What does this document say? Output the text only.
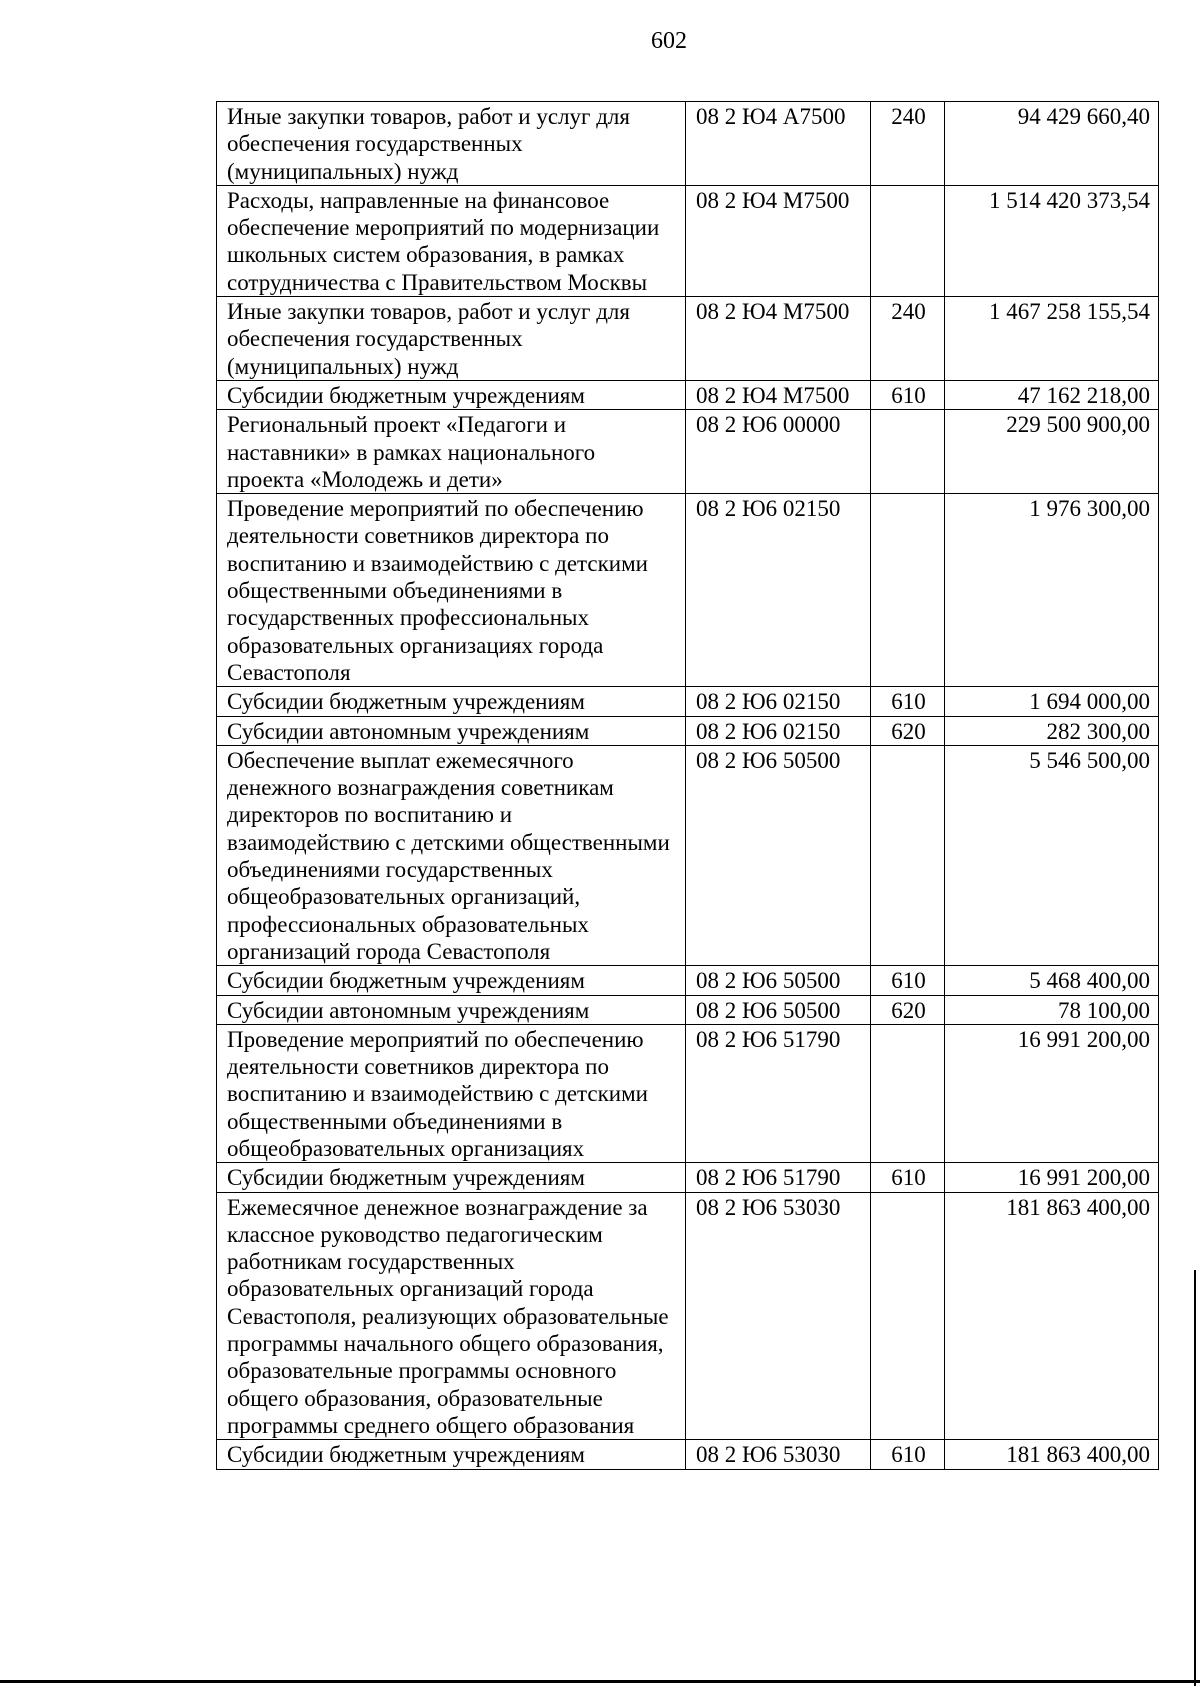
602
Иные закупки товаров, работ и услуг для обеспечения государственных (муниципальных) нужд	08 2 Ю4 А7500	240	94 429 660,40
Расходы, направленные на финансовое обеспечение мероприятий по модернизации школьных систем образования, в рамках сотрудничества с Правительством Москвы	08 2 Ю4 М7500		1 514 420 373,54
Иные закупки товаров, работ и услуг для обеспечения государственных (муниципальных) нужд	08 2 Ю4 М7500	240	1 467 258 155,54
Субсидии бюджетным учреждениям	08 2 Ю4 М7500	610	47 162 218,00
Региональный проект «Педагоги и наставники» в рамках национального проекта «Молодежь и дети»	08 2 Ю6 00000		229 500 900,00
Проведение мероприятий по обеспечению деятельности советников директора по воспитанию и взаимодействию с детскими общественными объединениями в государственных профессиональных образовательных организациях города Севастополя	08 2 Ю6 02150		1 976 300,00
Субсидии бюджетным учреждениям	08 2 Ю6 02150	610	1 694 000,00
Субсидии автономным учреждениям	08 2 Ю6 02150	620	282 300,00
Обеспечение выплат ежемесячного денежного вознаграждения советникам директоров по воспитанию и взаимодействию с детскими общественными объединениями государственных общеобразовательных организаций, профессиональных образовательных организаций города Севастополя	08 2 Ю6 50500		5 546 500,00
Субсидии бюджетным учреждениям	08 2 Ю6 50500	610	5 468 400,00
Субсидии автономным учреждениям	08 2 Ю6 50500	620	78 100,00
Проведение мероприятий по обеспечению деятельности советников директора по воспитанию и взаимодействию с детскими общественными объединениями в общеобразовательных организациях	08 2 Ю6 51790		16 991 200,00
Субсидии бюджетным учреждениям	08 2 Ю6 51790	610	16 991 200,00
Ежемесячное денежное вознаграждение за классное руководство педагогическим работникам государственных образовательных организаций города Севастополя, реализующих образовательные программы начального общего образования, образовательные программы основного общего образования, образовательные программы среднего общего образования	08 2 Ю6 53030		181 863 400,00
Субсидии бюджетным учреждениям	08 2 Ю6 53030	610	181 863 400,00
